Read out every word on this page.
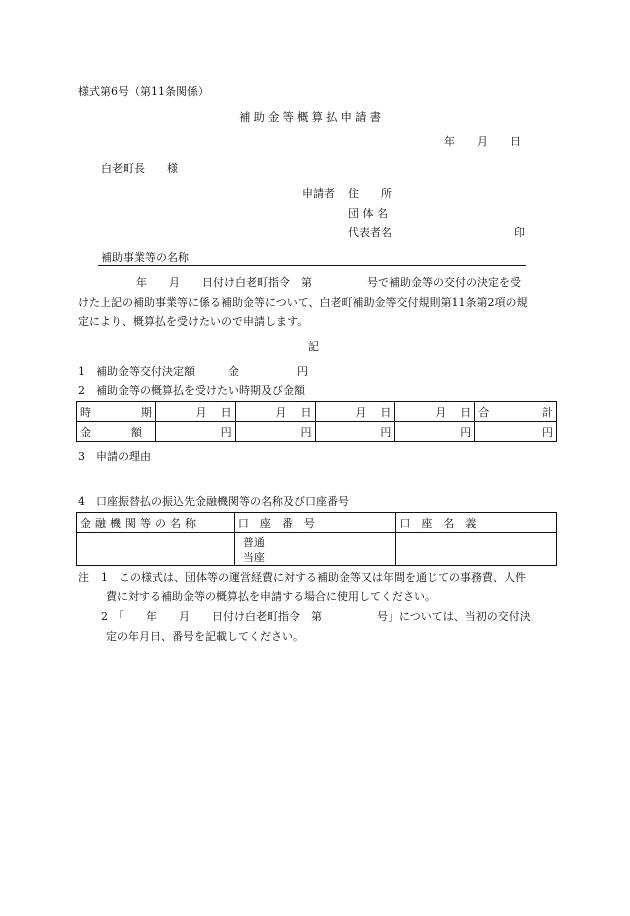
様式第6号（第11条関係）
補助金等概算払申請書
年　　月　　日
白老町長　　様
申請者 住　　所
団 体 名
代表者名	印
補助事業等の名称
年　　月　　日付け白老町指令　第　　　　　号で補助金等の交付の決定を受
けた上記の補助事業等に係る補助金等について、白老町補助金等交付規則第11条第2項の規
定により、概算払を受けたいので申請します。
記
1　補助金等交付決定額	金	円
2　補助金等の概算払を受けたい時期及び金額
時 期	月 日	月 日	月 日	月 日	合 計

金 額	円	円	円	円	円
3　申請の理由
4　口座振替払の振込先金融機関等の名称及び口座番号
金融機関等の名称	口　座　番　号	口　座　名　義

	普通
当座	

注 1 この様式は、団体等の運営経費に対する補助金等又は年間を通じての事務費、人件
費に対する補助金等の概算払を申請する場合に使用してください。
2 「　　年　　月　　日付け白老町指令　第　　　　　号」については、当初の交付決
定の年月日、番号を記載してください。
